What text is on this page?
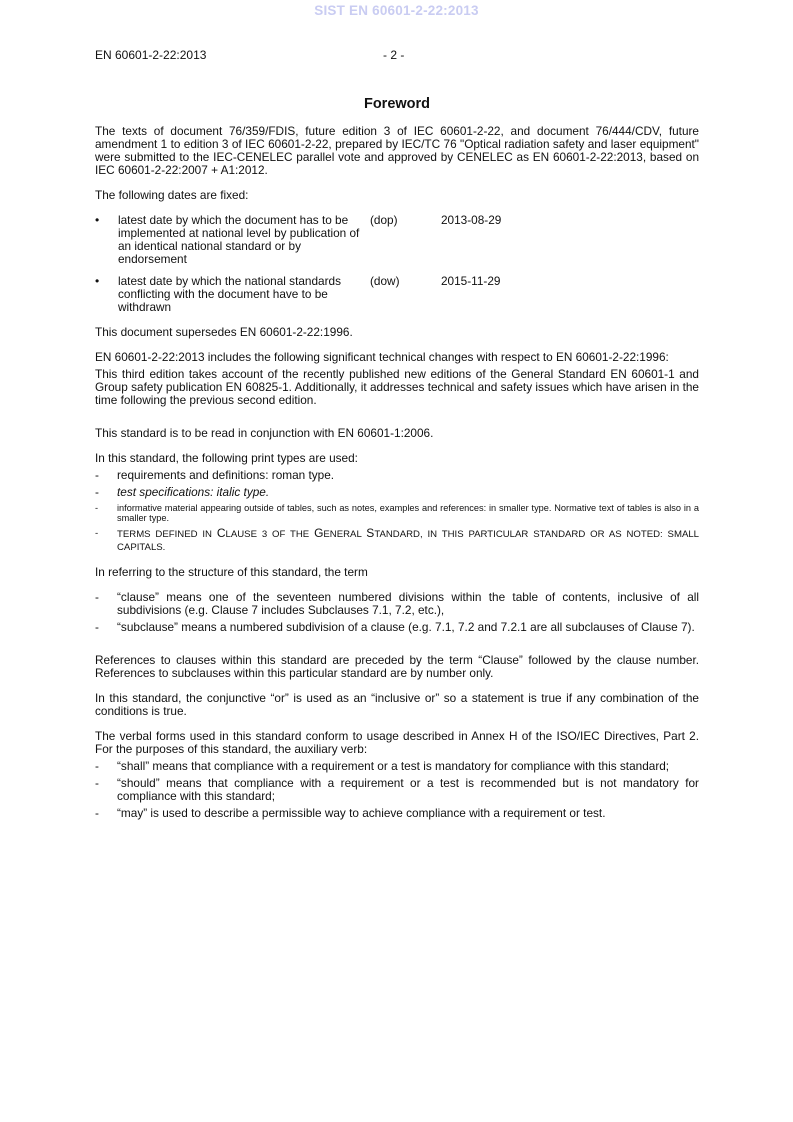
SIST EN 60601-2-22:2013
EN 60601-2-22:2013	- 2 -
Foreword

The texts of document 76/359/FDIS, future edition 3 of IEC 60601-2-22, and document 76/444/CDV, future amendment 1 to edition 3 of IEC 60601-2-22, prepared by IEC/TC 76 "Optical radiation safety and laser equipment" were submitted to the IEC-CENELEC parallel vote and approved by CENELEC as EN 60601-2-22:2013, based on IEC 60601-2-22:2007 + A1:2012.

The following dates are fixed:

•	latest date by which the document has to be implemented at national level by publication of an identical national standard or by endorsement
(dop)	2013-08-29
•	latest date by which the national standards conflicting with the document have to be withdrawn
(dow)	2015-11-29

This document supersedes EN 60601-2-22:1996.

EN 60601-2-22:2013 includes the following significant technical changes with respect to EN 60601-2-22:1996:

This third edition takes account of the recently published new editions of the General Standard EN 60601-1 and Group safety publication EN 60825-1. Additionally, it addresses technical and safety issues which have arisen in the time following the previous second edition.

This standard is to be read in conjunction with EN 60601-1:2006.

In this standard, the following print types are used:

- requirements and definitions: roman type.
- test specifications: italic type.
- informative material appearing outside of tables, such as notes, examples and references: in smaller type. Normative text of tables is also in a smaller type.
- TERMS DEFINED IN CLAUSE 3 OF THE GENERAL STANDARD, IN THIS PARTICULAR STANDARD OR AS NOTED: SMALL CAPITALS.

In referring to the structure of this standard, the term

- “clause” means one of the seventeen numbered divisions within the table of contents, inclusive of all subdivisions (e.g. Clause 7 includes Subclauses 7.1, 7.2, etc.),
- “subclause” means a numbered subdivision of a clause (e.g. 7.1, 7.2 and 7.2.1 are all subclauses of Clause 7).

References to clauses within this standard are preceded by the term “Clause” followed by the clause number. References to subclauses within this particular standard are by number only.

In this standard, the conjunctive “or” is used as an “inclusive or” so a statement is true if any combination of the conditions is true.

The verbal forms used in this standard conform to usage described in Annex H of the ISO/IEC Directives, Part 2. For the purposes of this standard, the auxiliary verb:

- “shall” means that compliance with a requirement or a test is mandatory for compliance with this standard;
- “should” means that compliance with a requirement or a test is recommended but is not mandatory for compliance with this standard;
- “may” is used to describe a permissible way to achieve compliance with a requirement or test.
